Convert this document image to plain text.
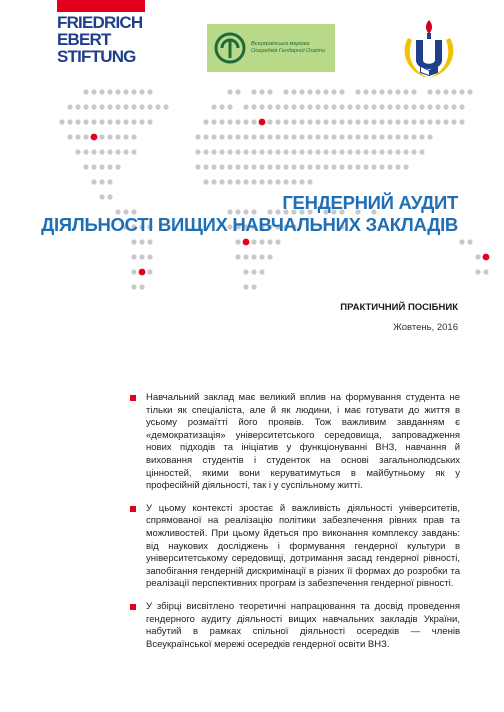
FRIEDRICH
EBERT
STIFTUNG
Всеукраїнська мережа
Осередків Гендерної Освіти
ГЕНДЕРНИЙ АУДИТ
ДІЯЛЬНОСТІ ВИЩИХ НАВЧАЛЬНИХ ЗАКЛАДІВ
ПРАКТИЧНИЙ ПОСІБНИК
Жовтень, 2016

Навчальний заклад має великий вплив на формування студента не тільки як спеціаліста, але й як людини, і має готувати до життя в усьому розмаїтті його проявів. Тож важливим завданням є «демократизація» університетського середовища, запровадження нових підходів та ініціатив у функціонуванні ВНЗ, навчання й виховання студентів і студенток на основі загальнолюдських цінностей, якими вони керуватимуться в майбутньому як у професійній діяльності, так і у суспільному житті.

У цьому контексті зростає й важливість діяльності університетів, спрямованої на реалізацію політики забезпечення рівних прав та можливостей. При цьому йдеться про виконання комплексу завдань: від наукових досліджень і формування гендерної культури в університетському середовищі, дотримання засад гендерної рівності, запобігання гендерній дискримінації в різних її формах до розробки та реалізації перспективних програм із забезпечення гендерної рівності.

У збірці висвітлено теоретичні напрацювання та досвід проведення гендерного аудиту діяльності вищих навчальних закладів України, набутий в рамках спільної діяльності осередків — членів Всеукраїнської мережі осередків гендерної освіти ВНЗ.
